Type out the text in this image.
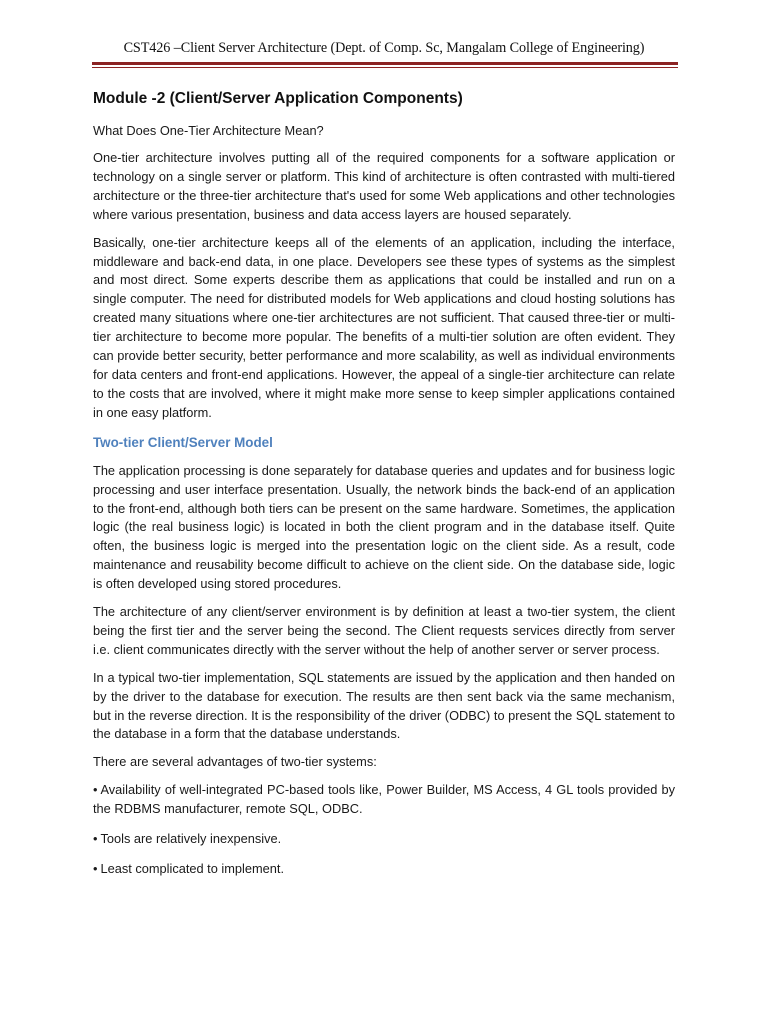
CST426 –Client Server Architecture (Dept. of Comp. Sc, Mangalam College of Engineering)
Module -2 (Client/Server Application Components)
What Does One-Tier Architecture Mean?

One-tier architecture involves putting all of the required components for a software application or technology on a single server or platform. This kind of architecture is often contrasted with multi-tiered architecture or the three-tier architecture that's used for some Web applications and other technologies where various presentation, business and data access layers are housed separately.

Basically, one-tier architecture keeps all of the elements of an application, including the interface, middleware and back-end data, in one place. Developers see these types of systems as the simplest and most direct. Some experts describe them as applications that could be installed and run on a single computer. The need for distributed models for Web applications and cloud hosting solutions has created many situations where one-tier architectures are not sufficient. That caused three-tier or multi-tier architecture to become more popular. The benefits of a multi-tier solution are often evident. They can provide better security, better performance and more scalability, as well as individual environments for data centers and front-end applications. However, the appeal of a single-tier architecture can relate to the costs that are involved, where it might make more sense to keep simpler applications contained in one easy platform.

Two-tier Client/Server Model

The application processing is done separately for database queries and updates and for business logic processing and user interface presentation. Usually, the network binds the back-end of an application to the front-end, although both tiers can be present on the same hardware. Sometimes, the application logic (the real business logic) is located in both the client program and in the database itself. Quite often, the business logic is merged into the presentation logic on the client side. As a result, code maintenance and reusability become difficult to achieve on the client side. On the database side, logic is often developed using stored procedures.

The architecture of any client/server environment is by definition at least a two-tier system, the client being the first tier and the server being the second. The Client requests services directly from server i.e. client communicates directly with the server without the help of another server or server process.

In a typical two-tier implementation, SQL statements are issued by the application and then handed on by the driver to the database for execution. The results are then sent back via the same mechanism, but in the reverse direction. It is the responsibility of the driver (ODBC) to present the SQL statement to the database in a form that the database understands.

There are several advantages of two-tier systems:

• Availability of well-integrated PC-based tools like, Power Builder, MS Access, 4 GL tools provided by the RDBMS manufacturer, remote SQL, ODBC.
• Tools are relatively inexpensive.
• Least complicated to implement.
